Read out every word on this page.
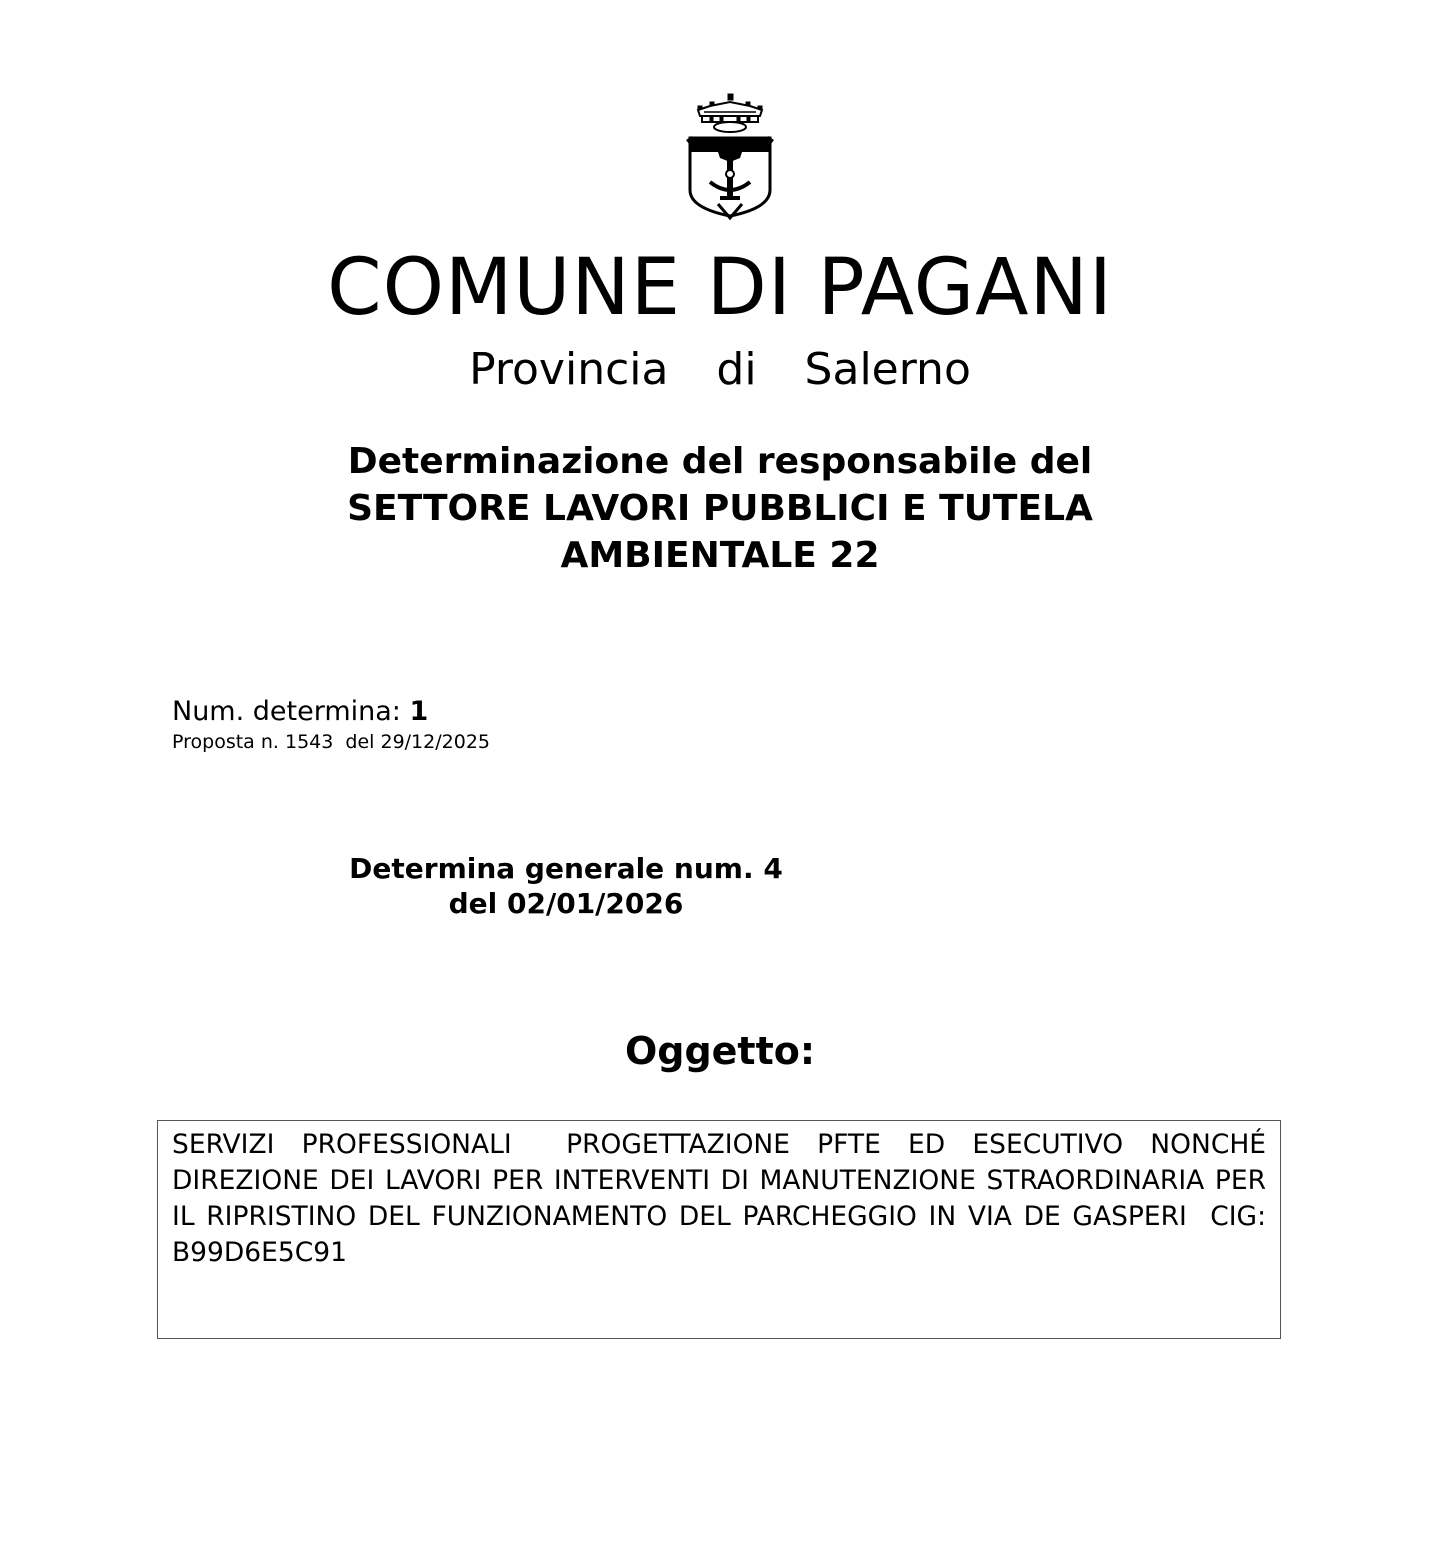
COMUNE DI PAGANI
Provincia  di  Salerno
Determinazione del responsabile del
SETTORE LAVORI PUBBLICI E TUTELA
AMBIENTALE 22
Num. determina: 1
Proposta n. 1543  del 29/12/2025
Determina generale num. 4
del 02/01/2026
Oggetto:
SERVIZI PROFESSIONALI  PROGETTAZIONE PFTE ED ESECUTIVO NONCHÉ DIREZIONE DEI LAVORI PER INTERVENTI DI MANUTENZIONE STRAORDINARIA PER IL RIPRISTINO DEL FUNZIONAMENTO DEL PARCHEGGIO IN VIA DE GASPERI  CIG: B99D6E5C91
